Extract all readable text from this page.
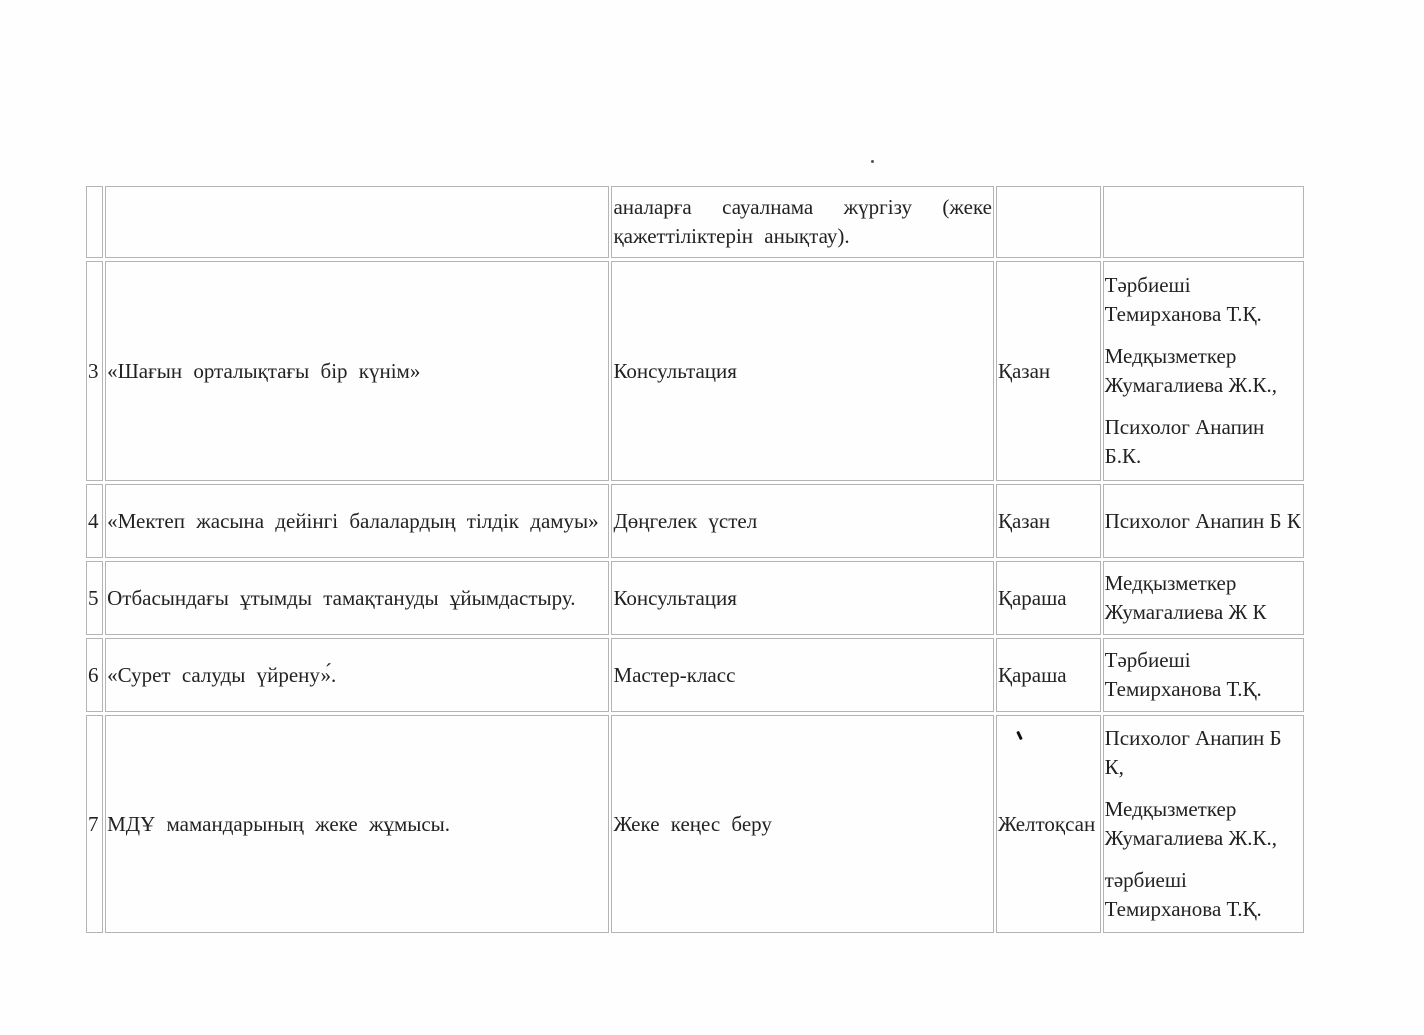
		аналарға сауалнама жүргізу (жеке қажеттіліктерін анықтау).		
3	«Шағын орталықтағы бір күнім»	Консультация	Қазан	Тәрбиеші Темирханова Т.Қ.
Медқызметкер Жумагалиева Ж.К.,
Психолог Анапин Б.К.

4	«Мектеп жасына дейінгі балалардың тілдік дамуы»	Дөңгелек үстел	Қазан	Психолог Анапин Б К

5	Отбасындағы ұтымды тамақтануды ұйымдастыру.	Консультация	Қараша	Медқызметкер Жумагалиева Ж К

6	«Сурет салуды үйрену»́.	Мастер-класс	Қараша	Тәрбиеші Темирханова Т.Қ.

7	МДҰ мамандарының жеке жұмысы.	Жеке кеңес беру	Желтоқсан	Психолог Анапин Б К,
Медқызметкер Жумагалиева Ж.К.,
тәрбиеші Темирханова Т.Қ.
